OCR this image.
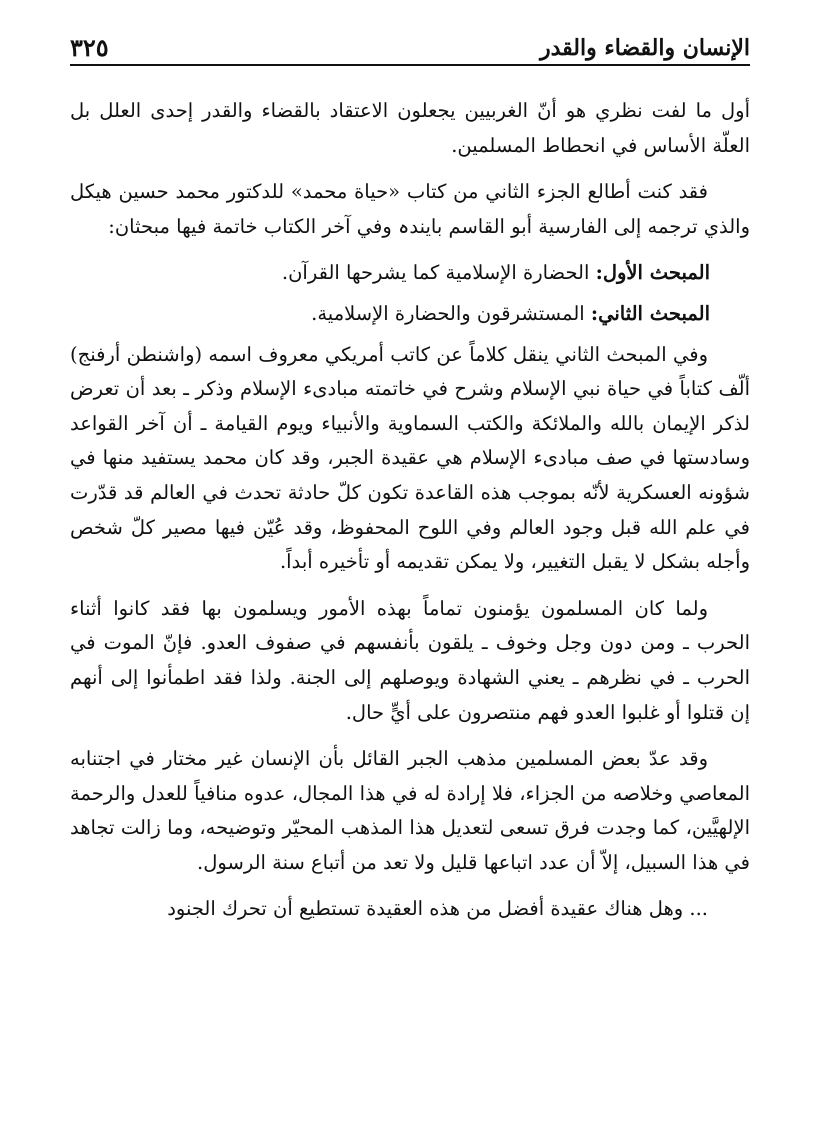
الإنسان والقضاء والقدر
٣٢٥

أول ما لفت نظري هو أنّ الغربيين يجعلون الاعتقاد بالقضاء والقدر إحدى العلل بل العلّة الأساس في انحطاط المسلمين.

فقد كنت أطالع الجزء الثاني من كتاب «حياة محمد» للدكتور محمد حسين هيكل والذي ترجمه إلى الفارسية أبو القاسم بايندہ وفي آخر الكتاب خاتمة فيها مبحثان:

المبحث الأول: الحضارة الإسلامية كما يشرحها القرآن.

المبحث الثاني: المستشرقون والحضارة الإسلامية.

وفي المبحث الثاني ينقل كلاماً عن كاتب أمريكي معروف اسمه (واشنطن أرفنج) ألّف كتاباً في حياة نبي الإسلام وشرح في خاتمته مبادىء الإسلام وذكر ـ بعد أن تعرض لذكر الإيمان بالله والملائكة والكتب السماوية والأنبياء ويوم القيامة ـ أن آخر القواعد وسادستها في صف مبادىء الإسلام هي عقيدة الجبر، وقد كان محمد يستفيد منها في شؤونه العسكرية لأنّه بموجب هذه القاعدة تكون كلّ حادثة تحدث في العالم قد قدّرت في علم الله قبل وجود العالم وفي اللوح المحفوظ، وقد عُيّن فيها مصير كلّ شخص وأجله بشكل لا يقبل التغيير، ولا يمكن تقديمه أو تأخيره أبداً.

ولما كان المسلمون يؤمنون تماماً بهذه الأمور ويسلمون بها فقد كانوا أثناء الحرب ـ ومن دون وجل وخوف ـ يلقون بأنفسهم في صفوف العدو. فإنّ الموت في الحرب ـ في نظرهم ـ يعني الشهادة ويوصلهم إلى الجنة. ولذا فقد اطمأنوا إلى أنهم إن قتلوا أو غلبوا العدو فهم منتصرون على أيٍّ حال.

وقد عدّ بعض المسلمين مذهب الجبر القائل بأن الإنسان غير مختار في اجتنابه المعاصي وخلاصه من الجزاء، فلا إرادة له في هذا المجال، عدوه منافياً للعدل والرحمة الإلهيَّين، كما وجدت فرق تسعى لتعديل هذا المذهب المحيّر وتوضيحه، وما زالت تجاهد في هذا السبيل، إلاّ أن عدد اتباعها قليل ولا تعد من أتباع سنة الرسول.

... وهل هناك عقيدة أفضل من هذه العقيدة تستطيع أن تحرك الجنود
